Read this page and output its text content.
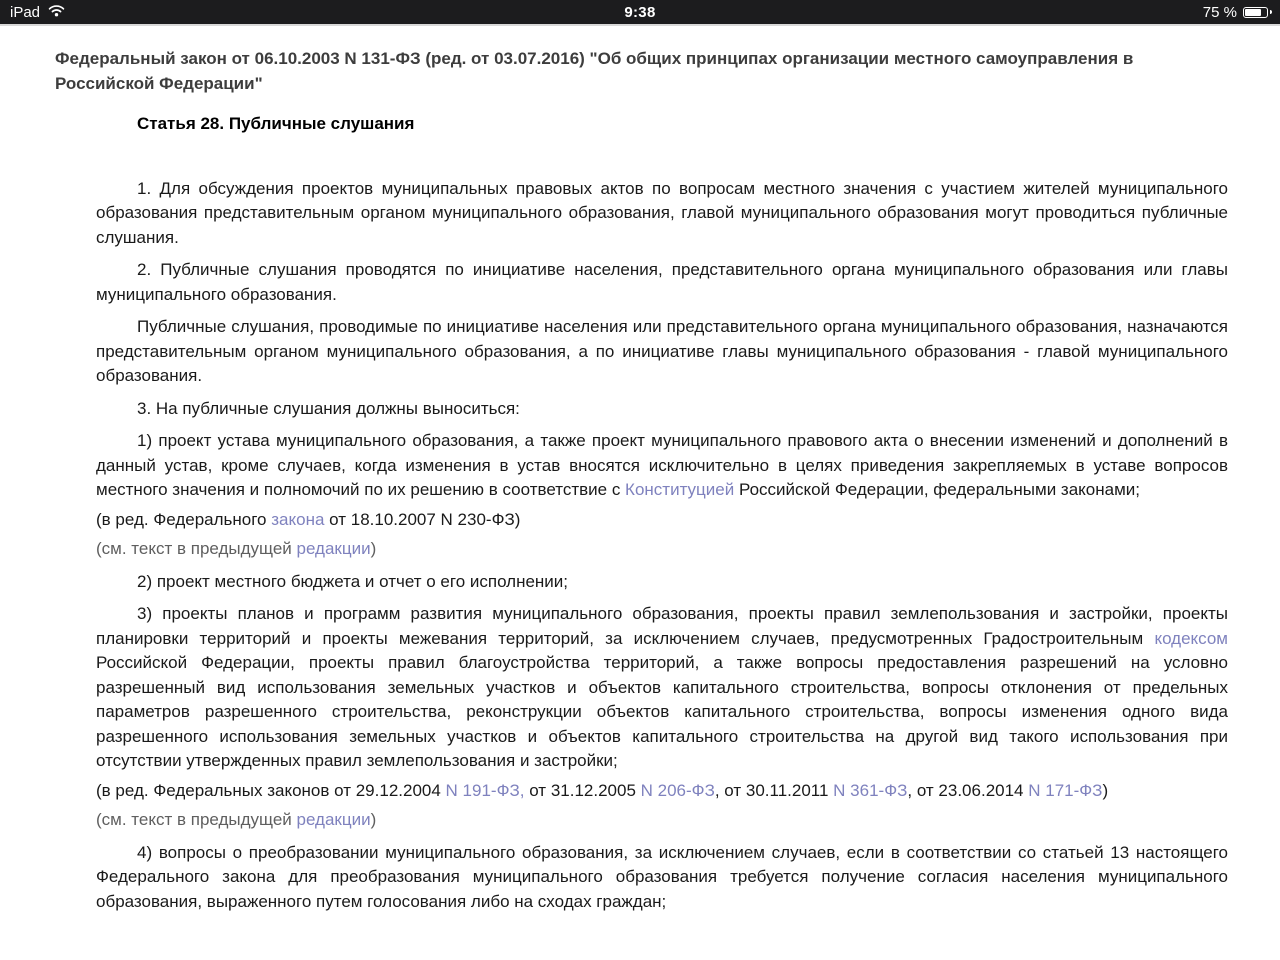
iPad	9:38	75 %
Федеральный закон от 06.10.2003 N 131-ФЗ (ред. от 03.07.2016) "Об общих принципах организации местного самоуправления в Российской Федерации"
Статья 28. Публичные слушания

1. Для обсуждения проектов муниципальных правовых актов по вопросам местного значения с участием жителей муниципального образования представительным органом муниципального образования, главой муниципального образования могут проводиться публичные слушания.

2. Публичные слушания проводятся по инициативе населения, представительного органа муниципального образования или главы муниципального образования.

Публичные слушания, проводимые по инициативе населения или представительного органа муниципального образования, назначаются представительным органом муниципального образования, а по инициативе главы муниципального образования - главой муниципального образования.

3. На публичные слушания должны выноситься:

1) проект устава муниципального образования, а также проект муниципального правового акта о внесении изменений и дополнений в данный устав, кроме случаев, когда изменения в устав вносятся исключительно в целях приведения закрепляемых в уставе вопросов местного значения и полномочий по их решению в соответствие с Конституцией Российской Федерации, федеральными законами;

(в ред. Федерального закона от 18.10.2007 N 230-ФЗ)

(см. текст в предыдущей редакции)

2) проект местного бюджета и отчет о его исполнении;

3) проекты планов и программ развития муниципального образования, проекты правил землепользования и застройки, проекты планировки территорий и проекты межевания территорий, за исключением случаев, предусмотренных Градостроительным кодексом Российской Федерации, проекты правил благоустройства территорий, а также вопросы предоставления разрешений на условно разрешенный вид использования земельных участков и объектов капитального строительства, вопросы отклонения от предельных параметров разрешенного строительства, реконструкции объектов капитального строительства, вопросы изменения одного вида разрешенного использования земельных участков и объектов капитального строительства на другой вид такого использования при отсутствии утвержденных правил землепользования и застройки;

(в ред. Федеральных законов от 29.12.2004 N 191-ФЗ, от 31.12.2005 N 206-ФЗ, от 30.11.2011 N 361-ФЗ, от 23.06.2014 N 171-ФЗ)

(см. текст в предыдущей редакции)

4) вопросы о преобразовании муниципального образования, за исключением случаев, если в соответствии со статьей 13 настоящего Федерального закона для преобразования муниципального образования требуется получение согласия населения муниципального образования, выраженного путем голосования либо на сходах граждан;
